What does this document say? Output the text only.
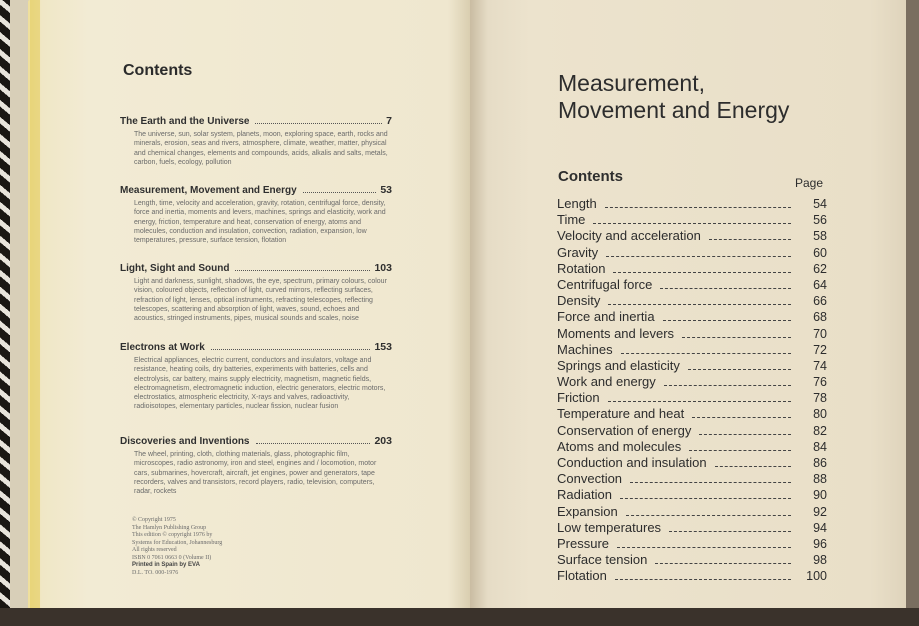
Contents
The Earth and the Universe	7
The universe, sun, solar system, planets, moon, exploring space, earth, rocks and minerals, erosion, seas and rivers, atmosphere, climate, weather, matter, physical and chemical changes, elements and compounds, acids, alkalis and salts, metals, carbon, fuels, ecology, pollution
Measurement, Movement and Energy	53
Length, time, velocity and acceleration, gravity, rotation, centrifugal force, density, force and inertia, moments and levers, machines, springs and elasticity, work and energy, friction, temperature and heat, conservation of energy, atoms and molecules, conduction and insulation, convection, radiation, expansion, low temperatures, pressure, surface tension, flotation
Light, Sight and Sound	103
Light and darkness, sunlight, shadows, the eye, spectrum, primary colours, colour vision, coloured objects, reflection of light, curved mirrors, reflecting surfaces, refraction of light, lenses, optical instruments, refracting telescopes, reflecting telescopes, scattering and absorption of light, waves, sound, echoes and acoustics, stringed instruments, pipes, musical sounds and scales, noise
Electrons at Work	153
Electrical appliances, electric current, conductors and insulators, voltage and resistance, heating coils, dry batteries, experiments with batteries, cells and electrolysis, car battery, mains supply electricity, magnetism, magnetic fields, electromagnetism, electromagnetic induction, electric generators, electric motors, electrostatics, atmospheric electricity, X-rays and valves, radioactivity, radioisotopes, elementary particles, nuclear fission, nuclear fusion
Discoveries and Inventions	203
The wheel, printing, cloth, clothing materials, glass, photographic film, microscopes, radio astronomy, iron and steel, engines and / locomotion, motor cars, submarines, hovercraft, aircraft, jet engines, power and generators, tape recorders, valves and transistors, record players, radio, television, computers, radar, rockets
© Copyright 1975
The Hamlyn Publishing Group
This edition © copyright 1976 by
Systems for Education, Johannesburg
All rights reserved
ISBN 0 7061 0663 0 (Volume II)
Printed in Spain by EVA
D.L. TO. 000-1976
Measurement,
Movement and Energy
Contents	Page
Length	54
Time	56
Velocity and acceleration	58
Gravity	60
Rotation	62
Centrifugal force	64
Density	66
Force and inertia	68
Moments and levers	70
Machines	72
Springs and elasticity	74
Work and energy	76
Friction	78
Temperature and heat	80
Conservation of energy	82
Atoms and molecules	84
Conduction and insulation	86
Convection	88
Radiation	90
Expansion	92
Low temperatures	94
Pressure	96
Surface tension	98
Flotation	100
